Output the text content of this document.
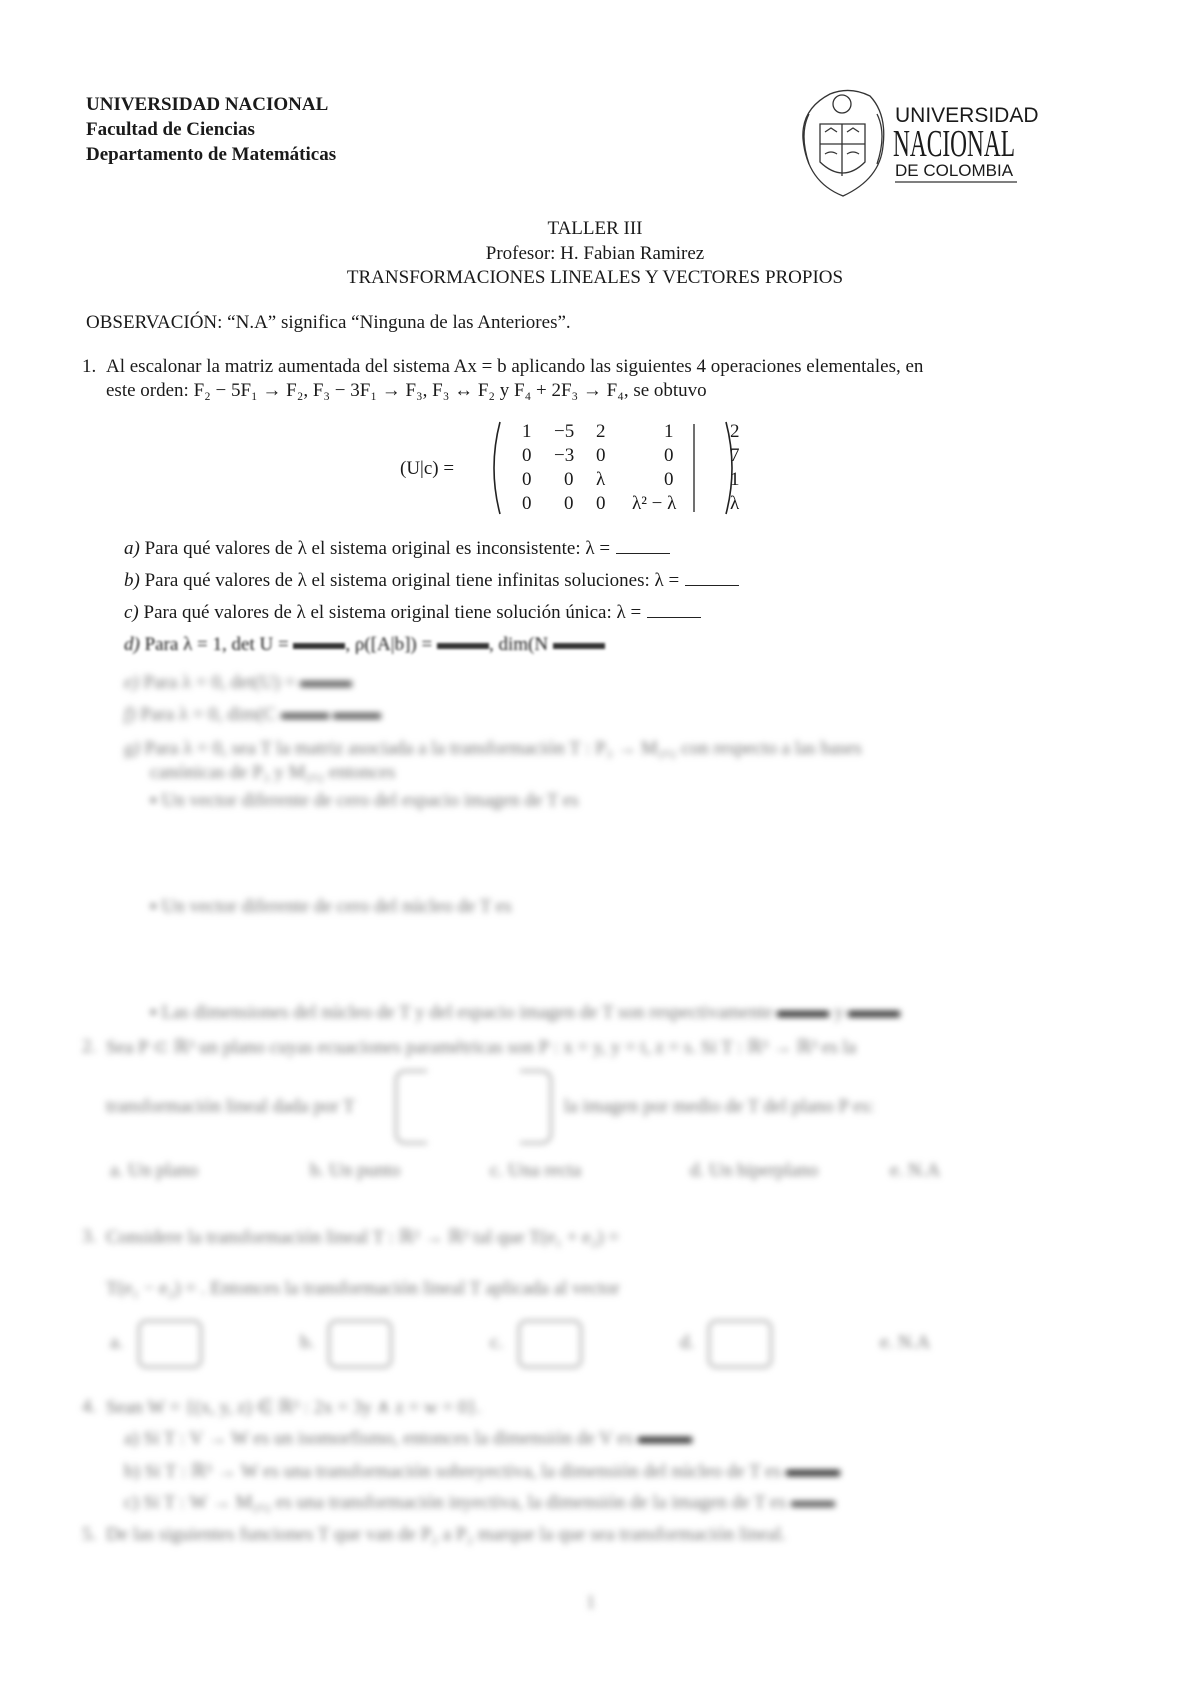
UNIVERSIDAD NACIONAL
Facultad de Ciencias
Departamento de Matemáticas
UNIVERSIDAD
NACIONAL
DE COLOMBIA
TALLER III
Profesor: H. Fabian Ramirez
TRANSFORMACIONES LINEALES Y VECTORES PROPIOS
OBSERVACIÓN: “N.A” significa “Ninguna de las Anteriores”.
1. Al escalonar la matriz aumentada del sistema Ax = b aplicando las siguientes 4 operaciones elementales, en
este orden: F₂ − 5F₁ → F₂, F₃ − 3F₁ → F₃, F₃ ↔ F₂ y F₄ + 2F₃ → F₄, se obtuvo
(U|c) =
1 −5 2	1	2
0 −3 0	0	7
0 0 λ	0	1
0 0 0 λ² − λ	λ
a) Para qué valores de λ el sistema original es inconsistente: λ =
b) Para qué valores de λ el sistema original tiene infinitas soluciones: λ =
c) Para qué valores de λ el sistema original tiene solución única: λ =
d) Para λ = 1, det U =	, ρ([A|b]) =	, dim(N
e) Para λ = 0, det(U) =
f) Para λ = 0, dim(C
g) Para λ = 0, sea T la matriz asociada a la transformación T : P₃ → M₂ₓ₂ con respecto a las bases
canónicas de P₃ y M₂ₓ₂ entonces
▪ Un vector diferente de cero del espacio imagen de T es
▪ Un vector diferente de cero del núcleo de T es
▪ Las dimensiones del núcleo de T y del espacio imagen de T son respectivamente	y
2. Sea P ⊂ ℝ³ un plano cuyas ecuaciones paramétricas son P : x = y, y = t, z = s. Si T : ℝ³ → ℝ³ es la
transformación lineal dada por T	la imagen por medio de T del plano P es:
a. Un plano	b. Un punto	c. Una recta	d. Un hiperplano	e. N.A
3. Considere la transformación lineal T : ℝ² → ℝ² tal que T(e₁ + e₂) =
T(e₁ − e₂) = . Entonces la transformación lineal T aplicada al vector
a.	b.	c.	d.	e. N.A
4. Sean W = {(x, y, z) ∈ ℝ³ : 2x = 3y ∧ z = w = 0}.
a) Si T : V → W es un isomorfismo, entonces la dimensión de V es
b) Si T : ℝ⁵ → W es una transformación sobreyectiva, la dimensión del núcleo de T es
c) Si T : W → M₂ₓ₂ es una transformación inyectiva, la dimensión de la imagen de T es
5. De las siguientes funciones T que van de P₂ a P₂ marque la que sea transformación lineal.
1
